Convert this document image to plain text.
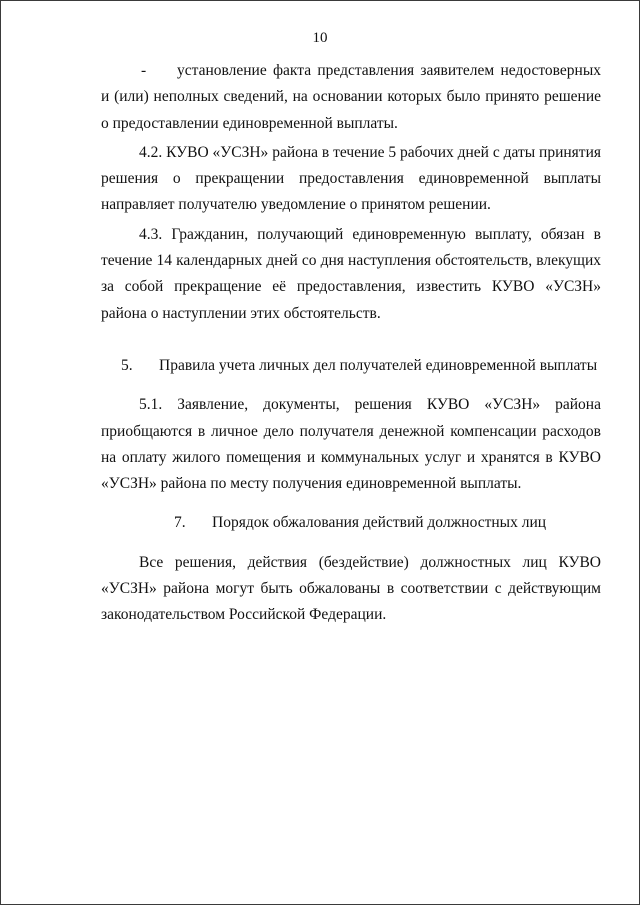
10

- установление факта представления заявителем недостоверных и (или) неполных сведений, на основании которых было принято решение о предоставлении единовременной выплаты.

4.2. КУВО «УСЗН» района в течение 5 рабочих дней с даты принятия решения о прекращении предоставления единовременной выплаты направляет получателю уведомление о принятом решении.

4.3. Гражданин, получающий единовременную выплату, обязан в течение 14 календарных дней со дня наступления обстоятельств, влекущих за собой прекращение её предоставления, известить КУВО «УСЗН» района о наступлении этих обстоятельств.

5. Правила учета личных дел получателей единовременной выплаты

5.1. Заявление, документы, решения КУВО «УСЗН» района приобщаются в личное дело получателя денежной компенсации расходов на оплату жилого помещения и коммунальных услуг и хранятся в КУВО «УСЗН» района по месту получения единовременной выплаты.

7. Порядок обжалования действий должностных лиц

Все решения, действия (бездействие) должностных лиц КУВО «УСЗН» района могут быть обжалованы в соответствии с действующим законодательством Российской Федерации.
